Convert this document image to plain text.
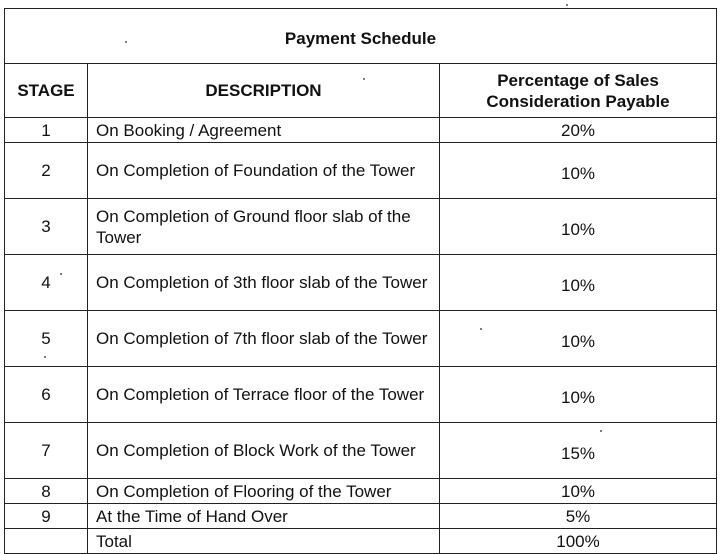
Payment Schedule		
STAGE	DESCRIPTION	Percentage of Sales
Consideration Payable

1	On Booking / Agreement	20%
2	On Completion of Foundation of the Tower	10%
3	On Completion of Ground floor slab of the Tower	10%
4	On Completion of 3th floor slab of the Tower	10%
5	On Completion of 7th floor slab of the Tower	10%
6	On Completion of Terrace floor of the Tower	10%
7	On Completion of Block Work of the Tower	15%
8	On Completion of Flooring of the Tower	10%
9	At the Time of Hand Over	5%
	Total	100%
